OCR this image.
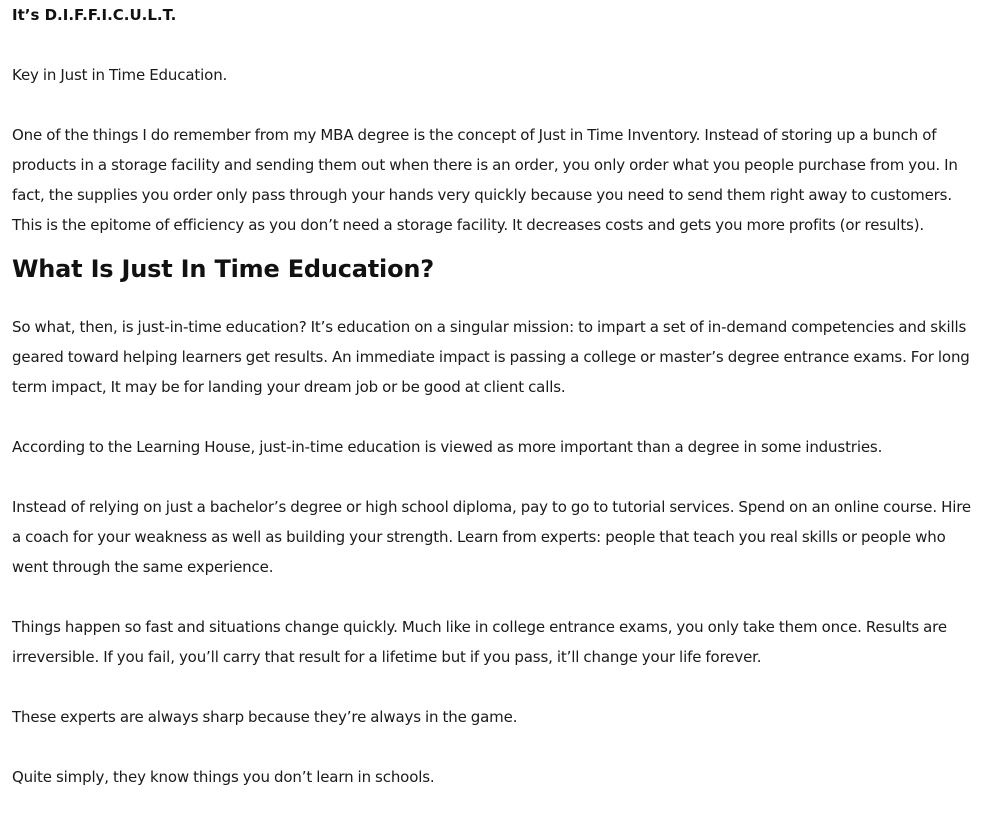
It’s D.I.F.F.I.C.U.L.T.

Key in Just in Time Education.

One of the things I do remember from my MBA degree is the concept of Just in Time Inventory. Instead of storing up a bunch of products in a storage facility and sending them out when there is an order, you only order what you people purchase from you. In fact, the supplies you order only pass through your hands very quickly because you need to send them right away to customers. This is the epitome of efficiency as you don’t need a storage facility. It decreases costs and gets you more profits (or results).

What Is Just In Time Education?

So what, then, is just-in-time education? It’s education on a singular mission: to impart a set of in-demand competencies and skills geared toward helping learners get results. An immediate impact is passing a college or master’s degree entrance exams. For long term impact, It may be for landing your dream job or be good at client calls.

According to the Learning House, just-in-time education is viewed as more important than a degree in some industries.

Instead of relying on just a bachelor’s degree or high school diploma, pay to go to tutorial services. Spend on an online course. Hire a coach for your weakness as well as building your strength. Learn from experts: people that teach you real skills or people who went through the same experience.

Things happen so fast and situations change quickly. Much like in college entrance exams, you only take them once. Results are irreversible. If you fail, you’ll carry that result for a lifetime but if you pass, it’ll change your life forever.

These experts are always sharp because they’re always in the game.

Quite simply, they know things you don’t learn in schools.
